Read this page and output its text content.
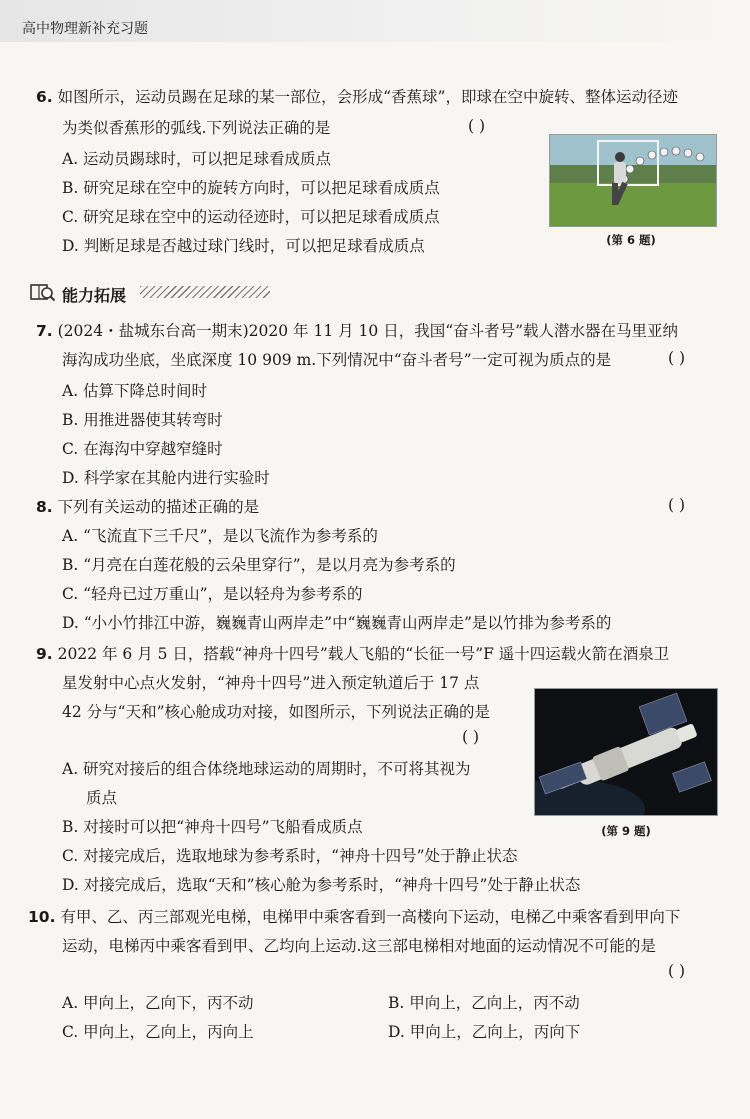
高中物理新补充习题
6. 如图所示，运动员踢在足球的某一部位，会形成“香蕉球”，即球在空中旋转、整体运动径迹
为类似香蕉形的弧线.下列说法正确的是	( )
A. 运动员踢球时，可以把足球看成质点
B. 研究足球在空中的旋转方向时，可以把足球看成质点
C. 研究足球在空中的运动径迹时，可以把足球看成质点
D. 判断足球是否越过球门线时，可以把足球看成质点	(第 6 题)
能力拓展
7. (2024・盐城东台高一期末)2020 年 11 月 10 日，我国“奋斗者号”载人潜水器在马里亚纳
海沟成功坐底，坐底深度 10 909 m.下列情况中“奋斗者号”一定可视为质点的是	( )
A. 估算下降总时间时
B. 用推进器使其转弯时
C. 在海沟中穿越窄缝时
D. 科学家在其舱内进行实验时
8. 下列有关运动的描述正确的是	( )
A. “飞流直下三千尺”，是以飞流作为参考系的
B. “月亮在白莲花般的云朵里穿行”，是以月亮为参考系的
C. “轻舟已过万重山”，是以轻舟为参考系的
D. “小小竹排江中游，巍巍青山两岸走”中“巍巍青山两岸走”是以竹排为参考系的
9. 2022 年 6 月 5 日，搭载“神舟十四号”载人飞船的“长征一号”F 遥十四运载火箭在酒泉卫
星发射中心点火发射，“神舟十四号”进入预定轨道后于 17 点
42 分与“天和”核心舱成功对接，如图所示，下列说法正确的是
( )
A. 研究对接后的组合体绕地球运动的周期时，不可将其视为
质点
B. 对接时可以把“神舟十四号”飞船看成质点
C. 对接完成后，选取地球为参考系时，“神舟十四号”处于静止状态
D. 对接完成后，选取“天和”核心舱为参考系时，“神舟十四号”处于静止状态
(第 9 题)
10. 有甲、乙、丙三部观光电梯，电梯甲中乘客看到一高楼向下运动，电梯乙中乘客看到甲向下
运动，电梯丙中乘客看到甲、乙均向上运动.这三部电梯相对地面的运动情况不可能的是
( )
A. 甲向上，乙向下，丙不动	B. 甲向上，乙向上，丙不动
C. 甲向上，乙向上，丙向上	D. 甲向上，乙向上，丙向下
